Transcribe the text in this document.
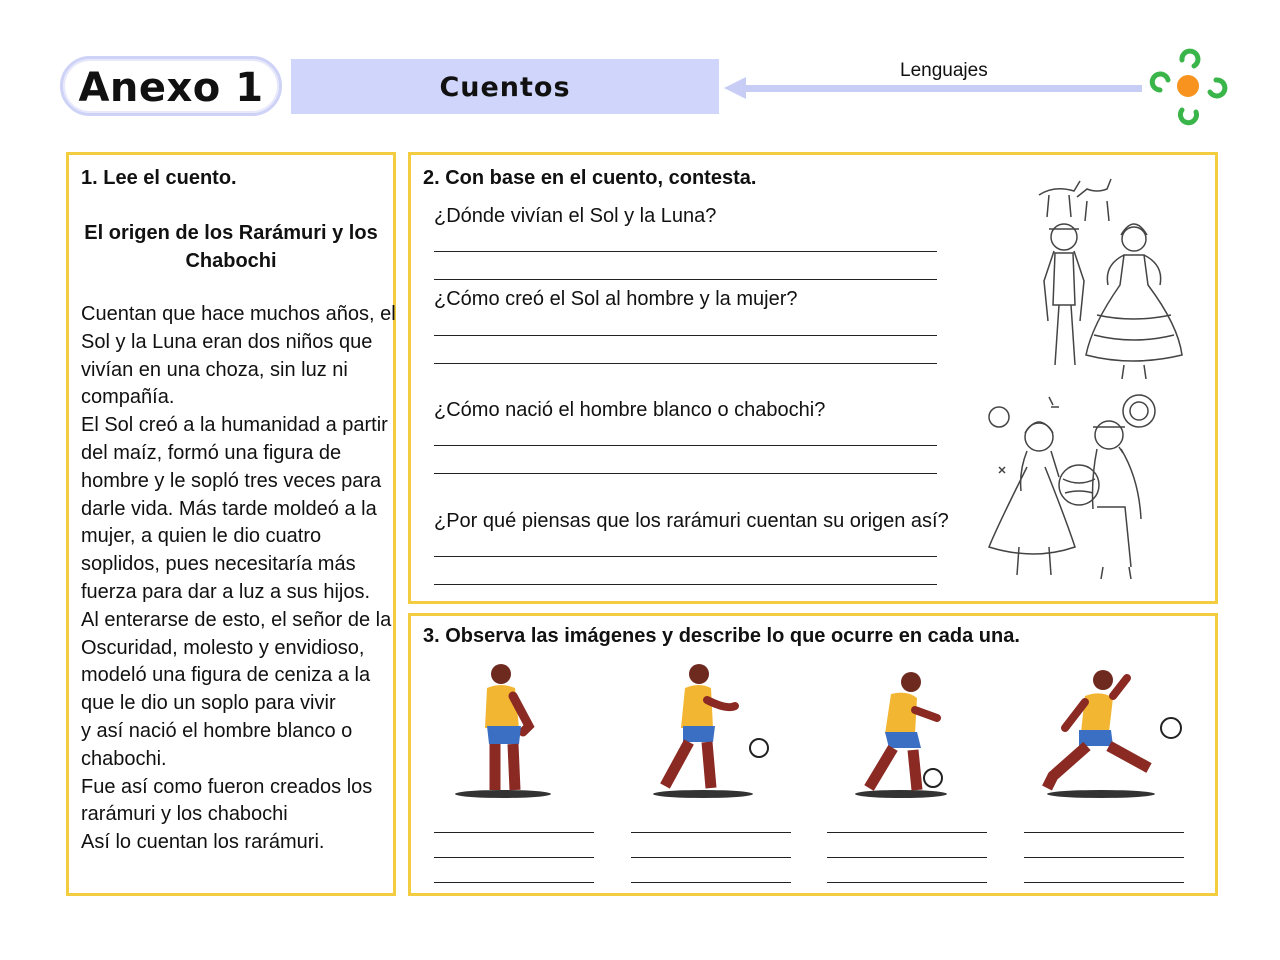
Anexo 1	Cuentos
Lenguajes
1. Lee el cuento.
El origen de los Rarámuri y los
Chabochi
Cuentan que hace muchos años, el
Sol y la Luna eran dos niños que
vivían en una choza, sin luz ni
compañía.
El Sol creó a la humanidad a partir
del maíz, formó una figura de
hombre y le sopló tres veces para
darle vida. Más tarde moldeó a la
mujer, a quien le dio cuatro
soplidos, pues necesitaría más
fuerza para dar a luz a sus hijos.
Al enterarse de esto, el señor de la
Oscuridad, molesto y envidioso,
modeló una figura de ceniza a la
que le dio un soplo para vivir
y así nació el hombre blanco o
chabochi.
Fue así como fueron creados los
rarámuri y los chabochi
Así lo cuentan los rarámuri.
2. Con base en el cuento, contesta.
¿Dónde vivían el Sol y la Luna?
¿Cómo creó el Sol al hombre y la mujer?
¿Cómo nació el hombre blanco o chabochi?
¿Por qué piensas que los rarámuri cuentan su origen así?
3. Observa las imágenes y describe lo que ocurre en cada una.
